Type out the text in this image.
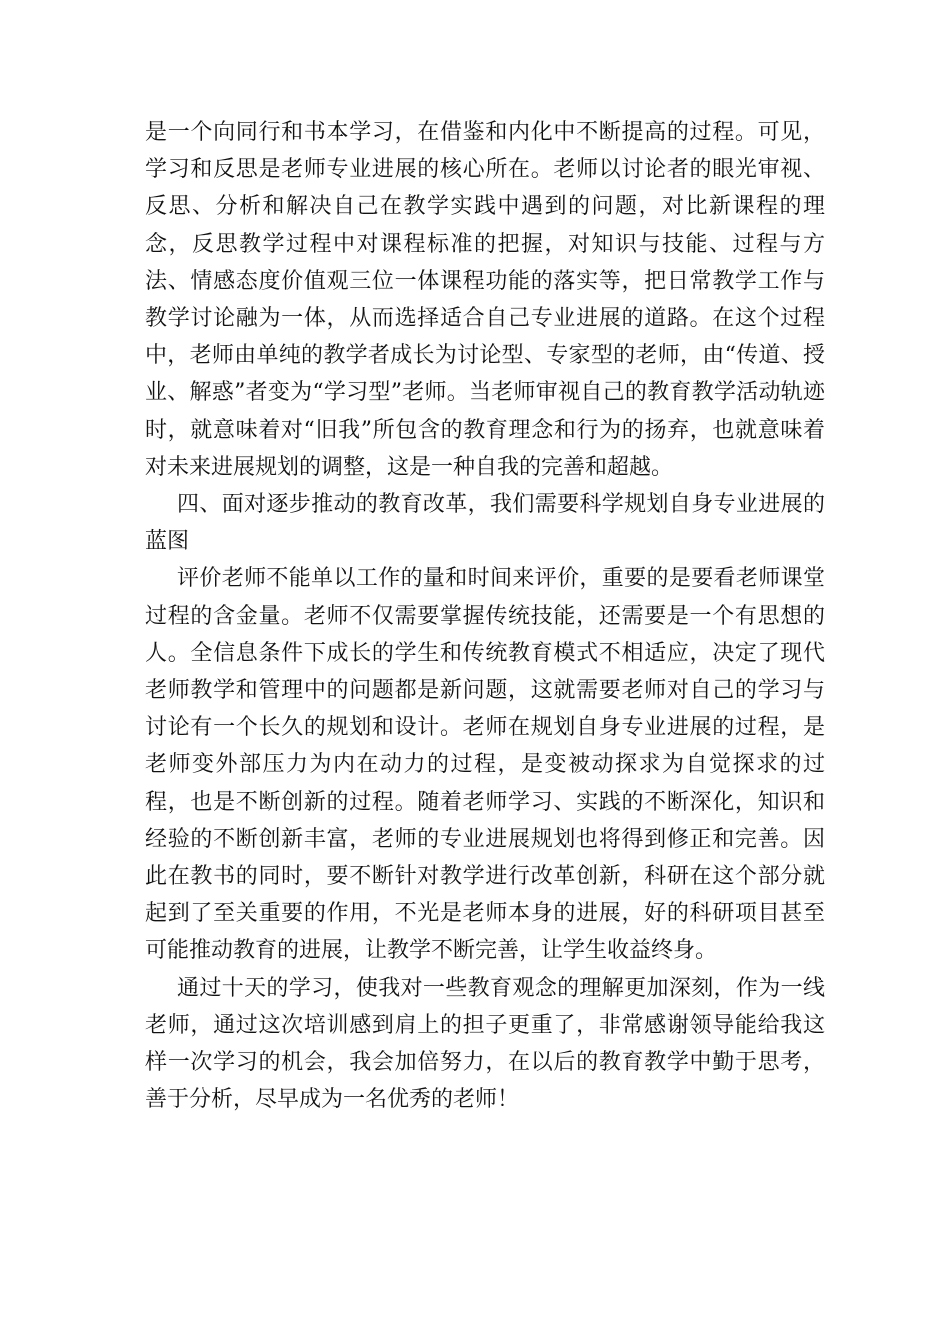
是一个向同行和书本学习，在借鉴和内化中不断提高的过程。可见，学习和反思是老师专业进展的核心所在。老师以讨论者的眼光审视、反思、分析和解决自己在教学实践中遇到的问题，对比新课程的理念，反思教学过程中对课程标准的把握，对知识与技能、过程与方法、情感态度价值观三位一体课程功能的落实等，把日常教学工作与教学讨论融为一体，从而选择适合自己专业进展的道路。在这个过程中，老师由单纯的教学者成长为讨论型、专家型的老师，由“传道、授业、解惑”者变为“学习型”老师。当老师审视自己的教育教学活动轨迹时，就意味着对“旧我”所包含的教育理念和行为的扬弃，也就意味着对未来进展规划的调整，这是一种自我的完善和超越。

四、面对逐步推动的教育改革，我们需要科学规划自身专业进展的蓝图

评价老师不能单以工作的量和时间来评价，重要的是要看老师课堂过程的含金量。老师不仅需要掌握传统技能，还需要是一个有思想的人。全信息条件下成长的学生和传统教育模式不相适应，决定了现代老师教学和管理中的问题都是新问题，这就需要老师对自己的学习与讨论有一个长久的规划和设计。老师在规划自身专业进展的过程，是老师变外部压力为内在动力的过程，是变被动探求为自觉探求的过程，也是不断创新的过程。随着老师学习、实践的不断深化，知识和经验的不断创新丰富，老师的专业进展规划也将得到修正和完善。因此在教书的同时，要不断针对教学进行改革创新，科研在这个部分就起到了至关重要的作用，不光是老师本身的进展，好的科研项目甚至可能推动教育的进展，让教学不断完善，让学生收益终身。

通过十天的学习，使我对一些教育观念的理解更加深刻，作为一线老师，通过这次培训感到肩上的担子更重了，非常感谢领导能给我这样一次学习的机会，我会加倍努力，在以后的教育教学中勤于思考，善于分析，尽早成为一名优秀的老师！
